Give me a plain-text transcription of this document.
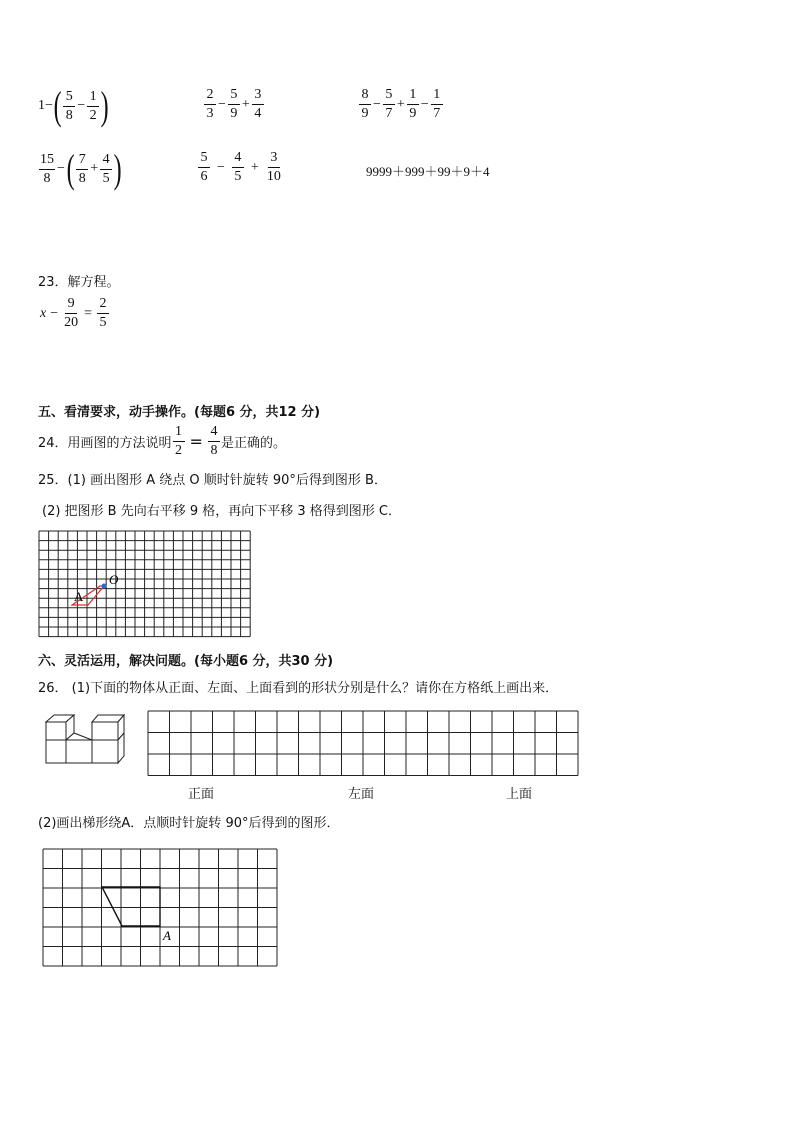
1− ( $\frac{5}{8} - \frac{1}{2}$ )	$\frac{2}{3} - \frac{5}{9} + \frac{3}{4}$	$\frac{8}{9} - \frac{5}{7} + \frac{1}{9} - \frac{1}{7}$
$\frac{15}{8}$ − ( $\frac{7}{8} + \frac{4}{5}$ )	$\frac{5}{6} - \frac{4}{5} + \frac{3}{10}$	9999＋999＋99＋9＋4
23．解方程。
$x - \frac{9}{20} = \frac{2}{5}$
五、看清要求，动手操作。(每题6 分，共12 分)
24．用画图的方法说明 $\frac{1}{2} = \frac{4}{8}$ 是正确的。
25．(1) 画出图形 A 绕点 O 顺时针旋转 90°后得到图形 B．
(2) 把图形 B 先向右平移 9 格，再向下平移 3 格得到图形 C．
A
O
六、灵活运用，解决问题。(每小题6 分，共30 分)
26． (1)下面的物体从正面、左面、上面看到的形状分别是什么？请你在方格纸上画出来．
正面	左面	上面
(2)画出梯形绕A．点顺时针旋转 90°后得到的图形．
A
